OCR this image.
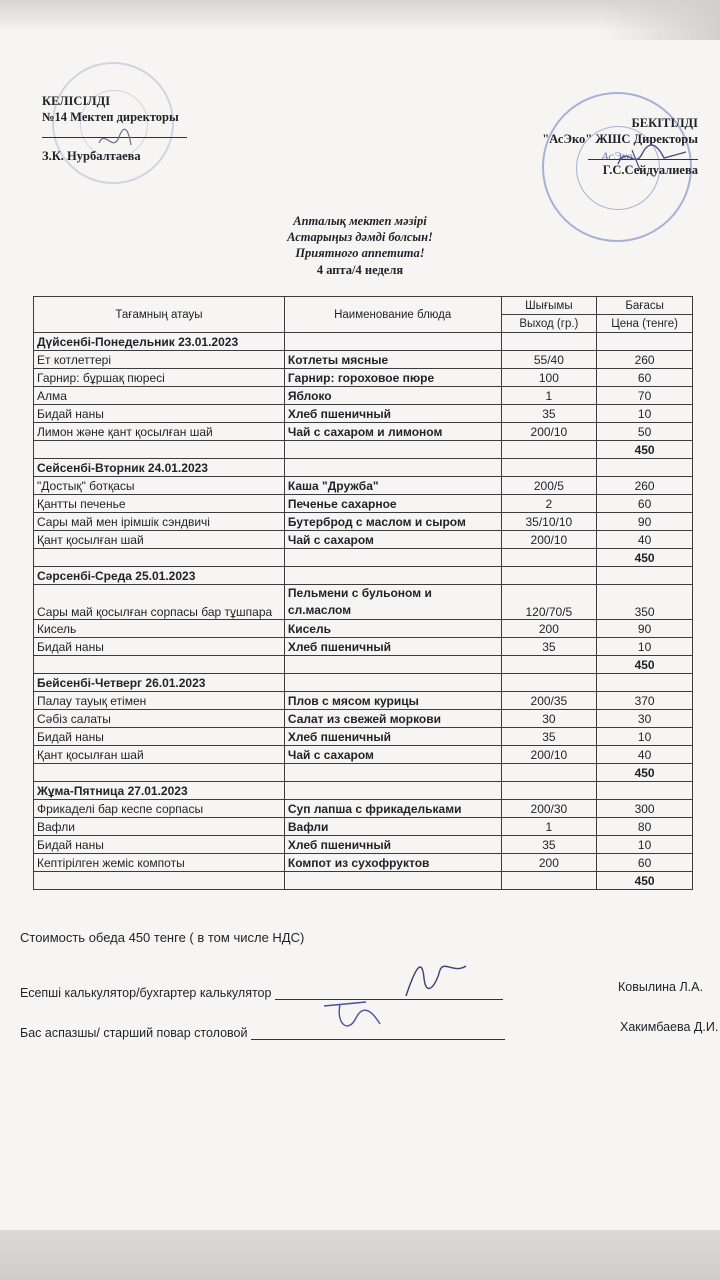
КЕЛІСІЛДІ
№14 Мектеп директоры
З.К. Нурбалтаева	АсЭко
БЕКІТІЛДІ
"АсЭко" ЖШС Директоры
Г.С.Сейдуалиева
Апталық мектеп мәзірі
Астарыңыз дәмді болсын!
Приятного аппетита!
4 апта/4 неделя
Тағамның атауы	Наименование блюда	Шығымы	Бағасы
		Выход (гр.)	Цена (тенге)
Дүйсенбі-Понедельник 23.01.2023			
Ет котлеттері	Котлеты мясные	55/40	260
Гарнир: бұршақ пюресі	Гарнир: гороховое пюре	100	60
Алма	Яблоко	1	70
Бидай наны	Хлеб пшеничный	35	10
Лимон және қант қосылған шай	Чай с сахаром и лимоном	200/10	50
			450
Сейсенбі-Вторник 24.01.2023			
"Достық" ботқасы	Каша "Дружба"	200/5	260
Қантты печенье	Печенье сахарное	2	60
Сары май мен ірімшік сэндвичі	Бутерброд с маслом и сыром	35/10/10	90
Қант қосылған шай	Чай с сахаром	200/10	40
			450
Сәрсенбі-Среда 25.01.2023			
Сары май қосылған сорпасы бар тұшпара	Пельмени с бульоном и сл.маслом	120/70/5	350
Кисель	Кисель	200	90
Бидай наны	Хлеб пшеничный	35	10
			450
Бейсенбі-Четверг 26.01.2023			
Палау тауық етімен	Плов с мясом курицы	200/35	370
Сәбіз салаты	Салат из свежей моркови	30	30
Бидай наны	Хлеб пшеничный	35	10
Қант қосылған шай	Чай с сахаром	200/10	40
			450
Жұма-Пятница 27.01.2023			
Фрикаделі бар кеспе сорпасы	Суп лапша с фрикадельками	200/30	300
Вафли	Вафли	1	80
Бидай наны	Хлеб пшеничный	35	10
Кептірілген жеміс компоты	Компот из сухофруктов	200	60
			450
Стоимость обеда 450 тенге ( в том числе НДС)
Есепші калькулятор/бухгартер калькулятор	Ковылина Л.А.
Бас аспазшы/ старший повар столовой	Хакимбаева Д.И.
